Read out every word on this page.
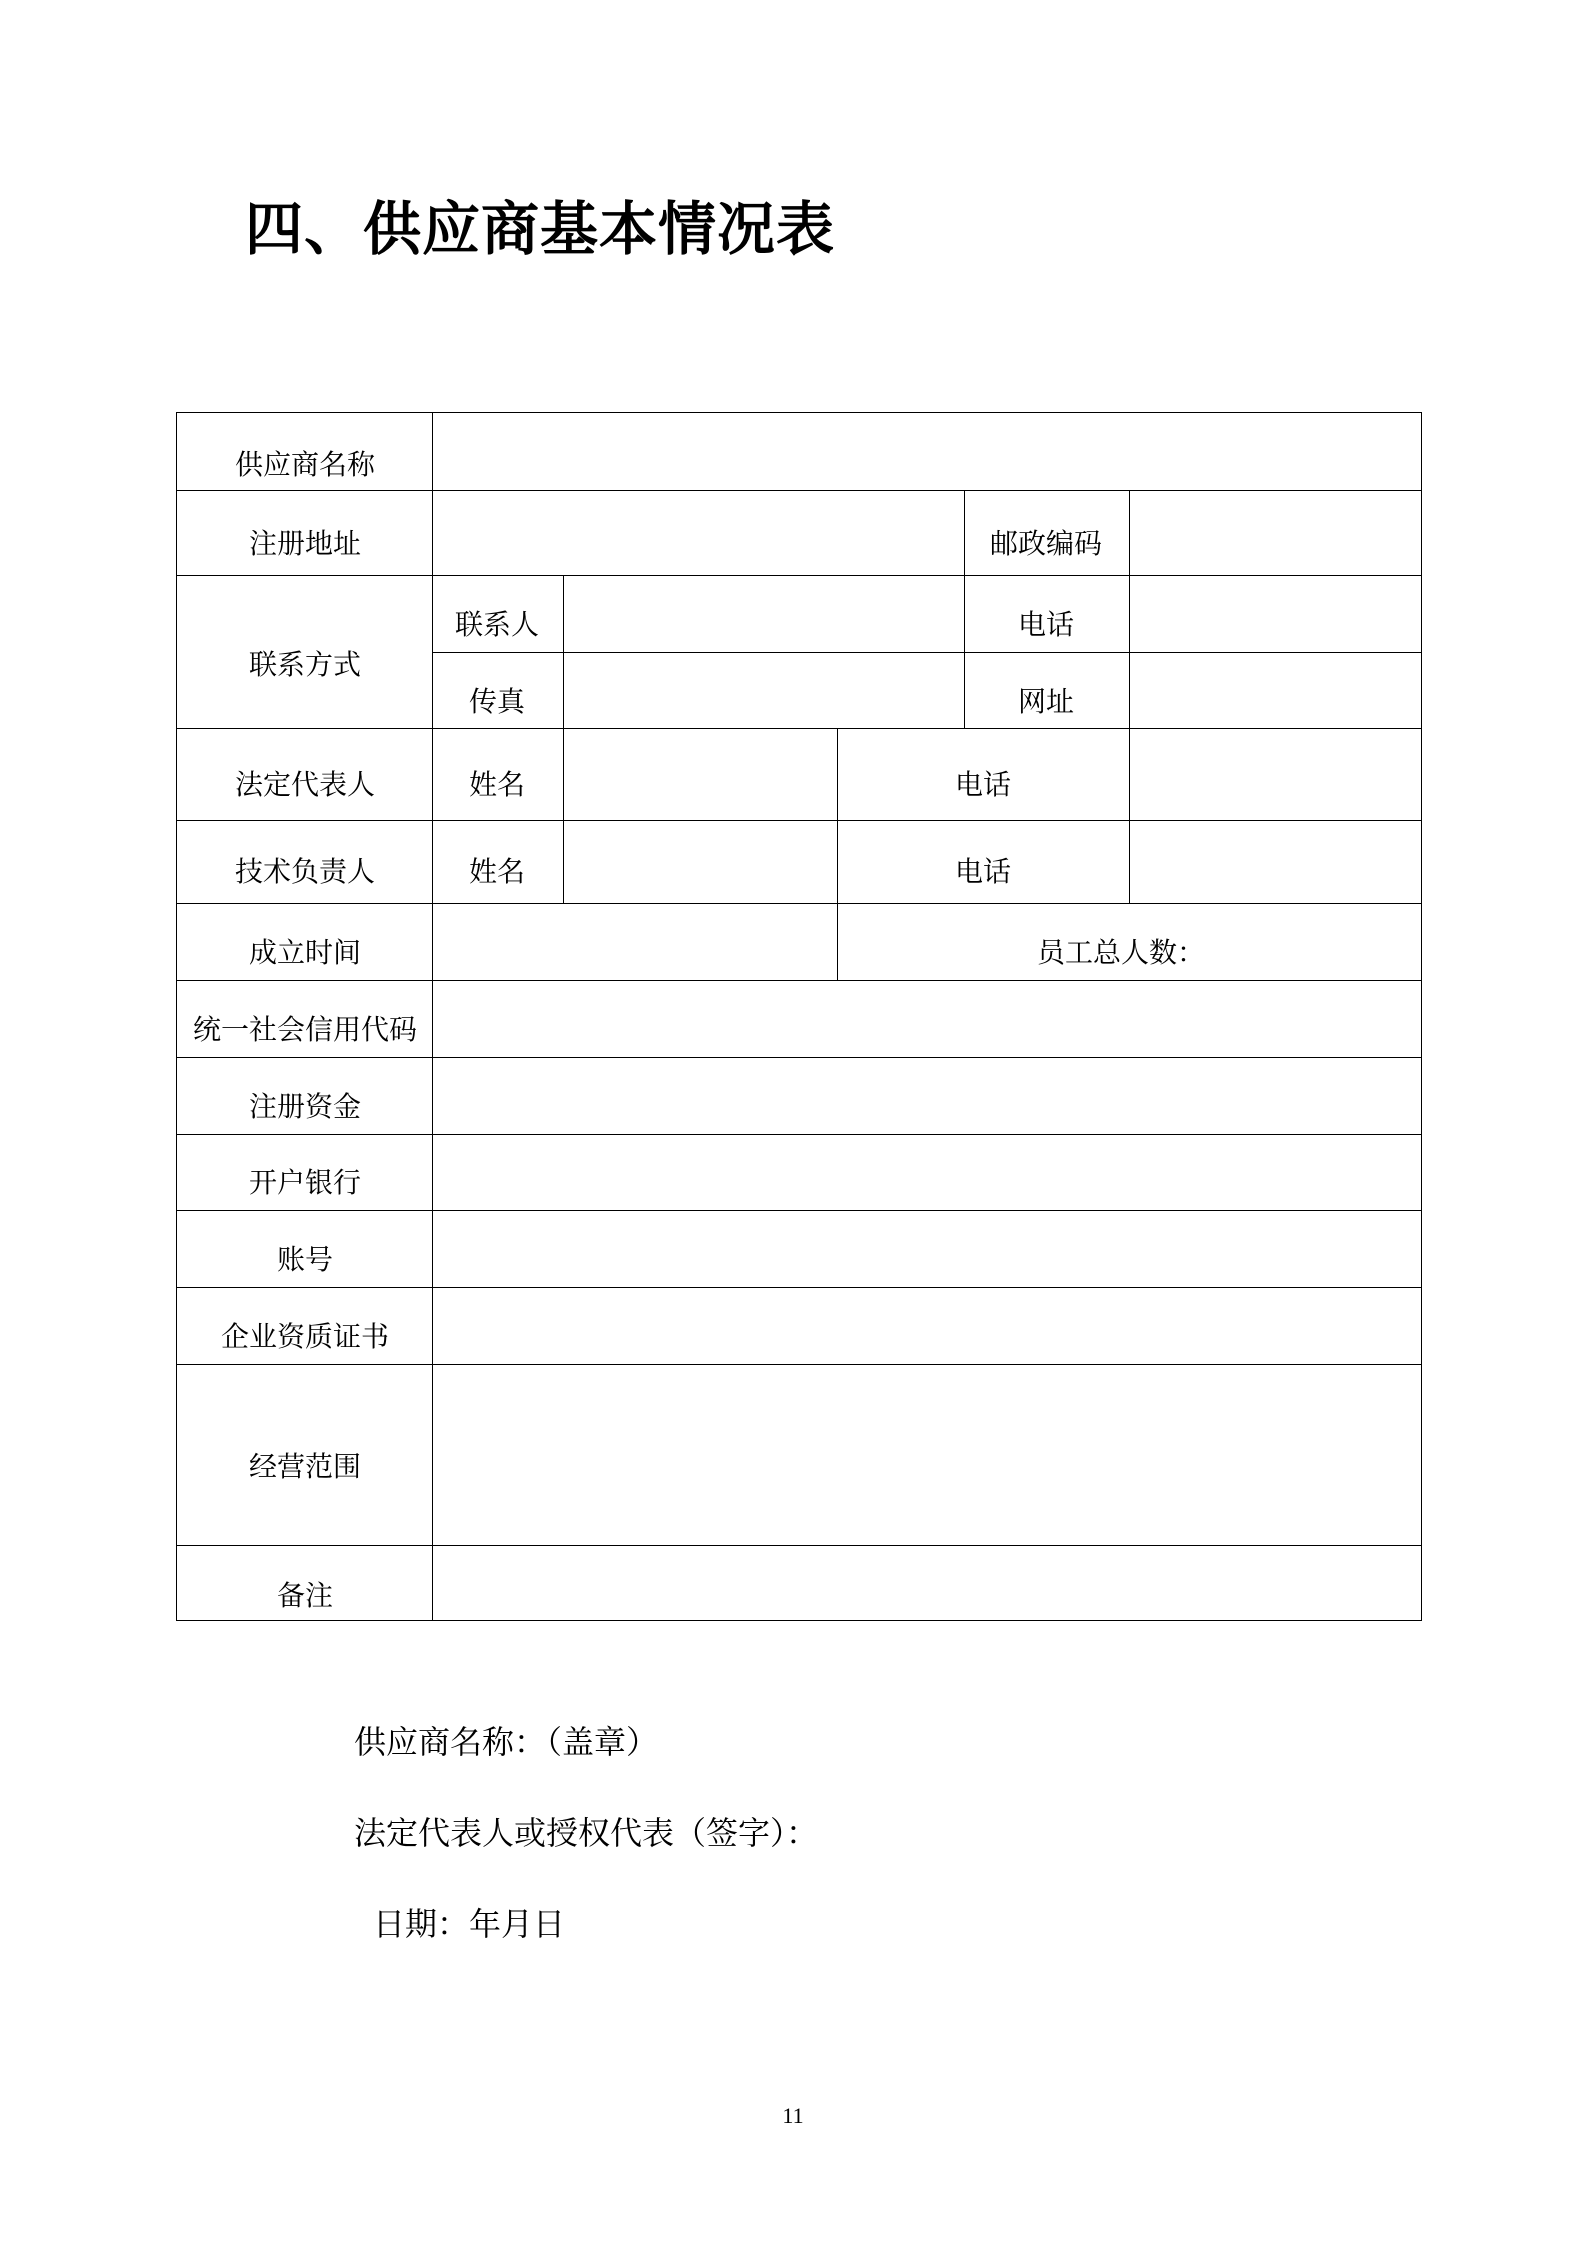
四、供应商基本情况表
供应商名称
注册地址	邮政编码
联系方式
联系人	电话
传真	网址
法定代表人	姓名	电话
技术负责人	姓名	电话
成立时间	员工总人数：
统一社会信用代码
注册资金
开户银行
账号
企业资质证书
经营范围
备注
供应商名称：（盖章）
法定代表人或授权代表（签字）：
日期：年月日
11
